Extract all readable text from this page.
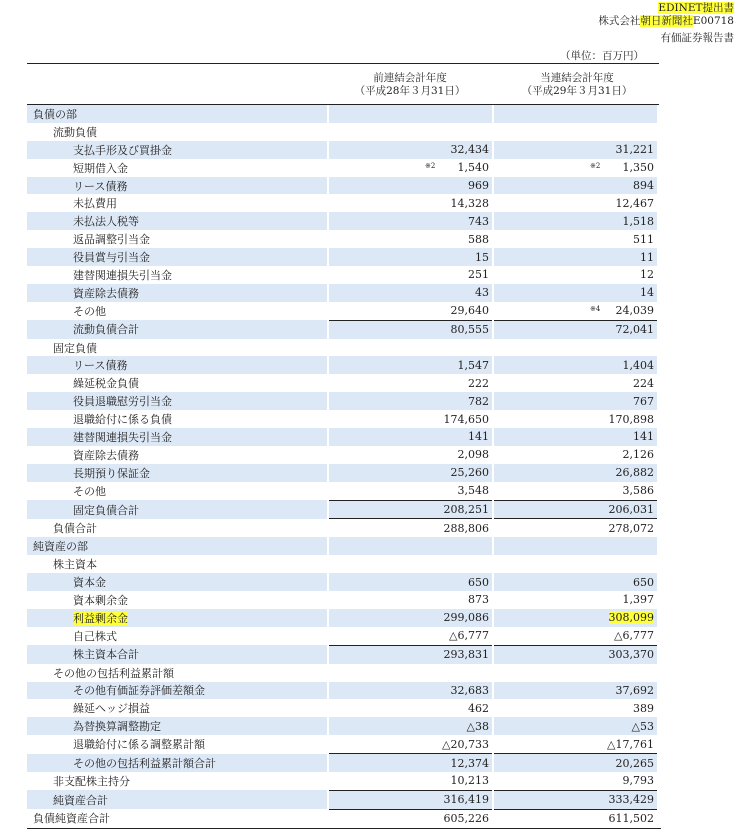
EDINET提出書
株式会社朝日新聞社E00718
有価証券報告書
（単位：百万円）
前連結会計年度
（平成28年３月31日）
当連結会計年度
（平成29年３月31日）
負債の部					
流動負債					
支払手形及び買掛金		32,434		31,221	
短期借入金		※2 1,540		※2 1,350	
リース債務		969		894	
未払費用		14,328		12,467	
未払法人税等		743		1,518	
返品調整引当金		588		511	
役員賞与引当金		15		11	
建替関連損失引当金		251		12	
資産除去債務		43		14	
その他		29,640		※4 24,039	
流動負債合計		80,555		72,041	
固定負債					
リース債務		1,547		1,404	
繰延税金負債		222		224	
役員退職慰労引当金		782		767	
退職給付に係る負債		174,650		170,898	
建替関連損失引当金		141		141	
資産除去債務		2,098		2,126	
長期預り保証金		25,260		26,882	
その他		3,548		3,586	
固定負債合計		208,251		206,031	
負債合計		288,806		278,072	
純資産の部					
株主資本					
資本金		650		650	
資本剰余金		873		1,397	
利益剰余金		299,086		308,099	
自己株式		△6,777		△6,777	
株主資本合計		293,831		303,370	
その他の包括利益累計額					
その他有価証券評価差額金		32,683		37,692	
繰延ヘッジ損益		462		389	
為替換算調整勘定		△38		△53	
退職給付に係る調整累計額		△20,733		△17,761	
その他の包括利益累計額合計		12,374		20,265	
非支配株主持分		10,213		9,793	
純資産合計		316,419		333,429	
負債純資産合計		605,226		611,502	
